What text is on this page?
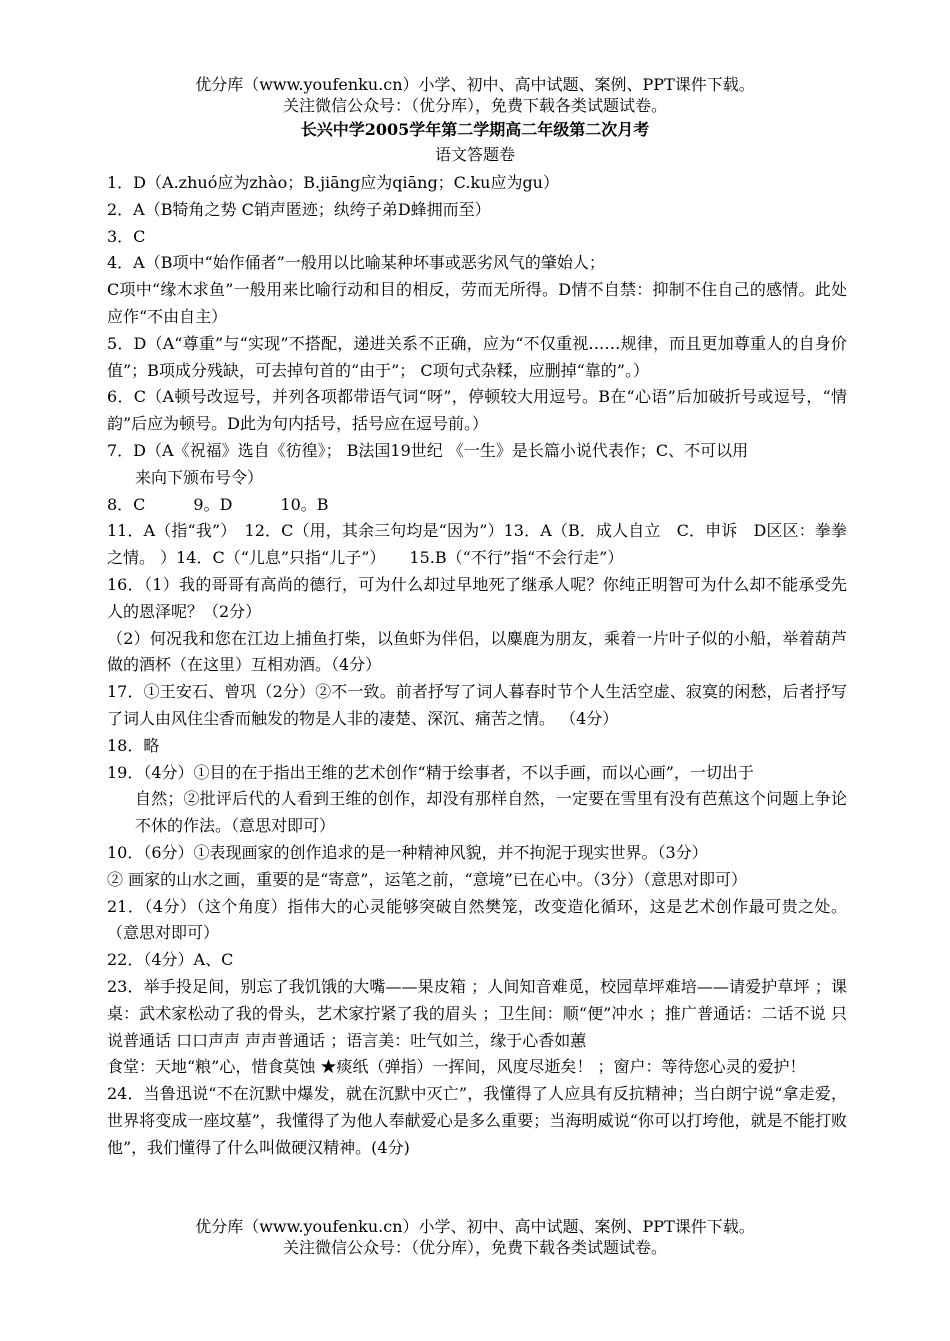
优分库（www.youfenku.cn）小学、初中、高中试题、案例、PPT课件下载。
关注微信公众号：（优分库），免费下载各类试题试卷。
长兴中学2005学年第二学期高二年级第二次月考
语文答题卷

1．D（A.zhuó应为zhào；B.jiāng应为qiāng；C.ku应为gu）

2．A（B犄角之势 C销声匿迹；纨绔子弟D蜂拥而至）

3．C

4．A（B项中“始作俑者”一般用以比喻某种坏事或恶劣风气的肇始人；

C项中“缘木求鱼”一般用来比喻行动和目的相反，劳而无所得。D情不自禁：抑制不住自己的感情。此处应作“不由自主）

5．D（A“尊重”与“实现”不搭配，递进关系不正确，应为“不仅重视……规律，而且更加尊重人的自身价值”；B项成分残缺，可去掉句首的“由于”； C项句式杂糅，应删掉“靠的”。）

6．C（A顿号改逗号，并列各项都带语气词“呀”，停顿较大用逗号。B在“心语”后加破折号或逗号，“情韵”后应为顿号。D此为句内括号，括号应在逗号前。）

7．D（A《祝福》选自《彷徨》； B法国19世纪 《一生》是长篇小说代表作；C、不可以用

来向下颁布号令）

8．C　　　9。D　　　10。B

11．A（指“我”）　12．C（用，其余三句均是“因为”）13．A（B．成人自立　C．申诉　D区区：拳拳之情。 ）14．C（“儿息”只指“儿子”）　　15.B（“不行”指“不会行走”）

16．（1）我的哥哥有高尚的德行，可为什么却过早地死了继承人呢？你纯正明智可为什么却不能承受先人的恩泽呢？（2分）

（2）何况我和您在江边上捕鱼打柴，以鱼虾为伴侣，以麋鹿为朋友，乘着一片叶子似的小船，举着葫芦做的酒杯（在这里）互相劝酒。（4分）

17．①王安石、曾巩（2分）②不一致。前者抒写了词人暮春时节个人生活空虚、寂寞的闲愁，后者抒写了词人由风住尘香而触发的物是人非的凄楚、深沉、痛苦之情。 （4分）

18．略

19．（4分）①目的在于指出王维的艺术创作“精于绘事者，不以手画，而以心画”，一切出于

自然；②批评后代的人看到王维的创作，却没有那样自然，一定要在雪里有没有芭蕉这个问题上争论不休的作法。（意思对即可）

10．（6分）①表现画家的创作追求的是一种精神风貌，并不拘泥于现实世界。（3分）

② 画家的山水之画，重要的是“寄意”，运笔之前，“意境”已在心中。（3分）（意思对即可）

21．（4分）（这个角度）指伟大的心灵能够突破自然樊笼，改变造化循环，这是艺术创作最可贵之处。（意思对即可）

22．（4分）A、C

23．举手投足间，别忘了我饥饿的大嘴——果皮箱 ；人间知音难觅，校园草坪难培——请爱护草坪 ；课桌：武术家松动了我的骨头，艺术家拧紧了我的眉头 ；卫生间：顺“便”冲水 ；推广普通话：二话不说 只说普通话 口口声声 声声普通话 ；语言美：吐气如兰，缘于心香如蕙

食堂：天地“粮”心，惜食莫蚀 ★痰纸（弹指）一挥间，风度尽逝矣！ ；窗户：等待您心灵的爱护！

24．当鲁迅说“不在沉默中爆发，就在沉默中灭亡”，我懂得了人应具有反抗精神；当白朗宁说“拿走爱，世界将变成一座坟墓”，我懂得了为他人奉献爱心是多么重要；当海明威说“你可以打垮他，就是不能打败他”，我们懂得了什么叫做硬汉精神。(4分)

优分库（www.youfenku.cn）小学、初中、高中试题、案例、PPT课件下载。
关注微信公众号：（优分库），免费下载各类试题试卷。
